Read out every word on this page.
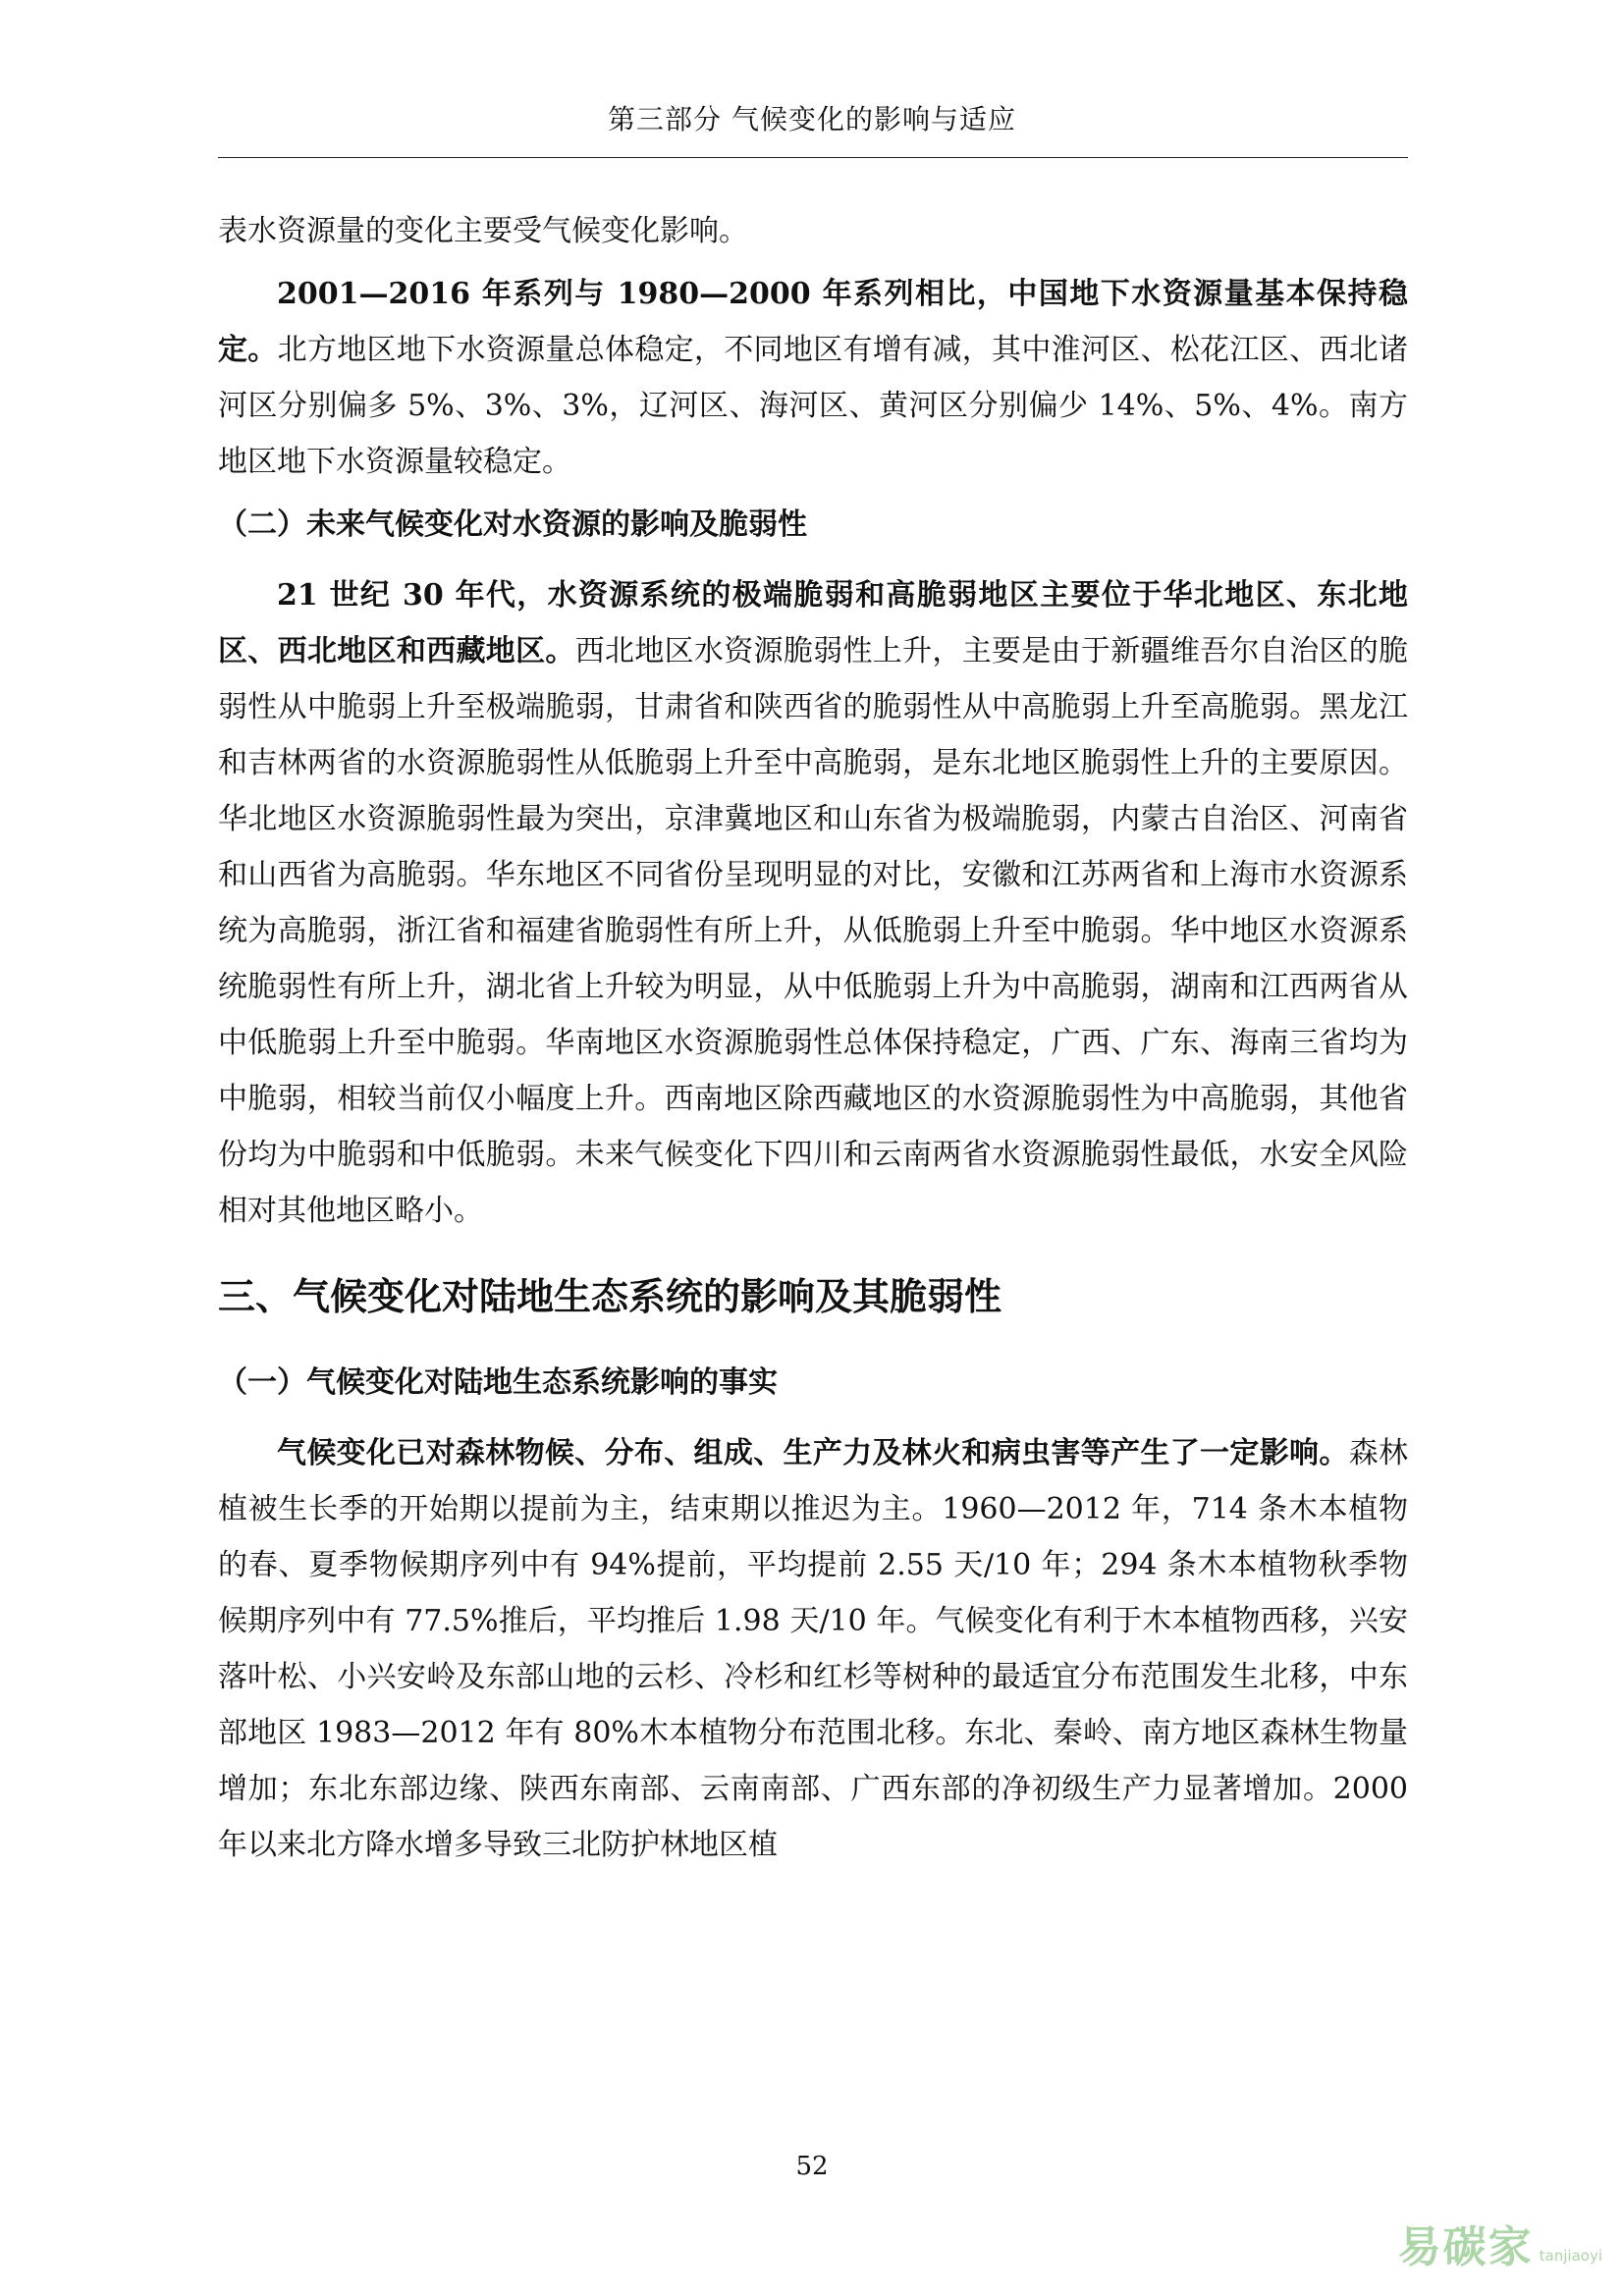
第三部分 气候变化的影响与适应

表水资源量的变化主要受气候变化影响。

2001—2016 年系列与 1980—2000 年系列相比，中国地下水资源量基本保持稳定。北方地区地下水资源量总体稳定，不同地区有增有减，其中淮河区、松花江区、西北诸河区分别偏多 5%、3%、3%，辽河区、海河区、黄河区分别偏少 14%、5%、4%。南方地区地下水资源量较稳定。

（二）未来气候变化对水资源的影响及脆弱性

21 世纪 30 年代，水资源系统的极端脆弱和高脆弱地区主要位于华北地区、东北地区、西北地区和西藏地区。西北地区水资源脆弱性上升，主要是由于新疆维吾尔自治区的脆弱性从中脆弱上升至极端脆弱，甘肃省和陕西省的脆弱性从中高脆弱上升至高脆弱。黑龙江和吉林两省的水资源脆弱性从低脆弱上升至中高脆弱，是东北地区脆弱性上升的主要原因。华北地区水资源脆弱性最为突出，京津冀地区和山东省为极端脆弱，内蒙古自治区、河南省和山西省为高脆弱。华东地区不同省份呈现明显的对比，安徽和江苏两省和上海市水资源系统为高脆弱，浙江省和福建省脆弱性有所上升，从低脆弱上升至中脆弱。华中地区水资源系统脆弱性有所上升，湖北省上升较为明显，从中低脆弱上升为中高脆弱，湖南和江西两省从中低脆弱上升至中脆弱。华南地区水资源脆弱性总体保持稳定，广西、广东、海南三省均为中脆弱，相较当前仅小幅度上升。西南地区除西藏地区的水资源脆弱性为中高脆弱，其他省份均为中脆弱和中低脆弱。未来气候变化下四川和云南两省水资源脆弱性最低，水安全风险相对其他地区略小。

三、气候变化对陆地生态系统的影响及其脆弱性
（一）气候变化对陆地生态系统影响的事实

气候变化已对森林物候、分布、组成、生产力及林火和病虫害等产生了一定影响。森林植被生长季的开始期以提前为主，结束期以推迟为主。1960—2012 年，714 条木本植物的春、夏季物候期序列中有 94%提前，平均提前 2.55 天/10 年；294 条木本植物秋季物候期序列中有 77.5%推后，平均推后 1.98 天/10 年。气候变化有利于木本植物西移，兴安落叶松、小兴安岭及东部山地的云杉、冷杉和红杉等树种的最适宜分布范围发生北移，中东部地区 1983—2012 年有 80%木本植物分布范围北移。东北、秦岭、南方地区森林生物量增加；东北东部边缘、陕西东南部、云南南部、广西东部的净初级生产力显著增加。2000 年以来北方降水增多导致三北防护林地区植

52
易碳家 tanjiaoyi
